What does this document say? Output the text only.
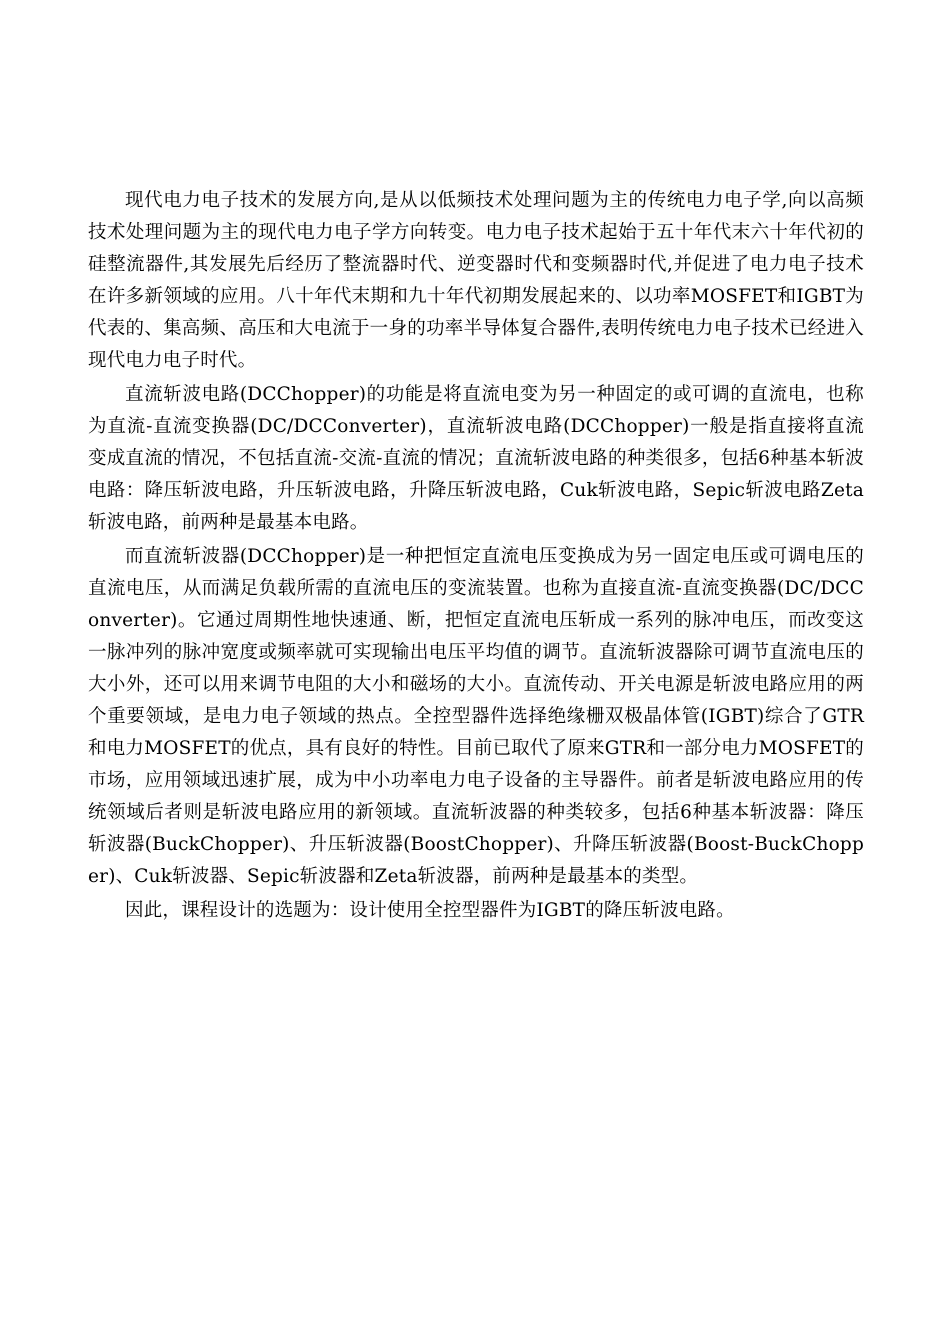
现代电力电子技术的发展方向,是从以低频技术处理问题为主的传统电力电子学,向以高频技术处理问题为主的现代电力电子学方向转变。电力电子技术起始于五十年代末六十年代初的硅整流器件,其发展先后经历了整流器时代、逆变器时代和变频器时代,并促进了电力电子技术在许多新领域的应用。八十年代末期和九十年代初期发展起来的、以功率MOSFET和IGBT为代表的、集高频、高压和大电流于一身的功率半导体复合器件,表明传统电力电子技术已经进入现代电力电子时代。

直流斩波电路(DCChopper)的功能是将直流电变为另一种固定的或可调的直流电，也称为直流-直流变换器(DC/DCConverter)，直流斩波电路(DCChopper)一般是指直接将直流变成直流的情况，不包括直流-交流-直流的情况；直流斩波电路的种类很多，包括6种基本斩波电路：降压斩波电路，升压斩波电路，升降压斩波电路，Cuk斩波电路，Sepic斩波电路Zeta斩波电路，前两种是最基本电路。

而直流斩波器(DCChopper)是一种把恒定直流电压变换成为另一固定电压或可调电压的直流电压，从而满足负载所需的直流电压的变流装置。也称为直接直流-直流变换器(DC/DCConverter)。它通过周期性地快速通、断，把恒定直流电压斩成一系列的脉冲电压，而改变这一脉冲列的脉冲宽度或频率就可实现输出电压平均值的调节。直流斩波器除可调节直流电压的大小外，还可以用来调节电阻的大小和磁场的大小。直流传动、开关电源是斩波电路应用的两个重要领域，是电力电子领域的热点。全控型器件选择绝缘栅双极晶体管(IGBT)综合了GTR和电力MOSFET的优点，具有良好的特性。目前已取代了原来GTR和一部分电力MOSFET的市场，应用领域迅速扩展，成为中小功率电力电子设备的主导器件。前者是斩波电路应用的传统领域后者则是斩波电路应用的新领域。直流斩波器的种类较多，包括6种基本斩波器：降压斩波器(BuckChopper)、升压斩波器(BoostChopper)、升降压斩波器(Boost-BuckChopper)、Cuk斩波器、Sepic斩波器和Zeta斩波器，前两种是最基本的类型。

因此，课程设计的选题为：设计使用全控型器件为IGBT的降压斩波电路。
